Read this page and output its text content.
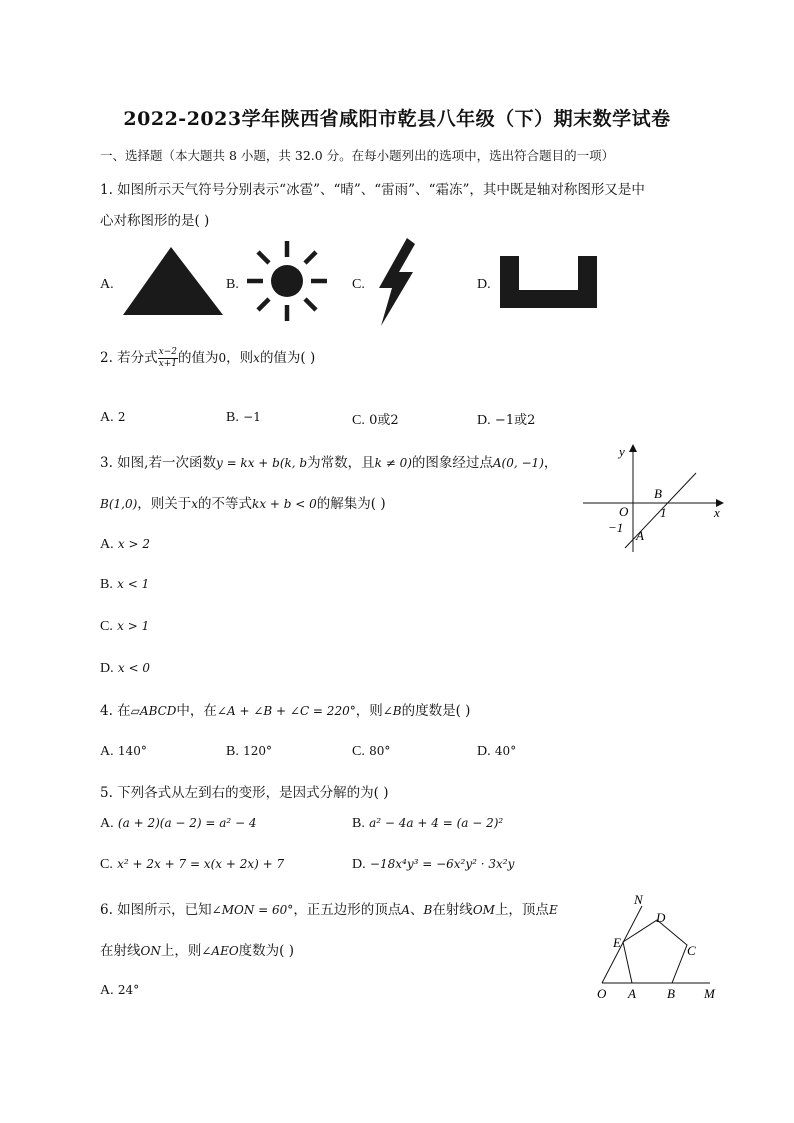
2022-2023学年陕西省咸阳市乾县八年级（下）期末数学试卷
一、选择题（本大题共 8 小题，共 32.0 分。在每小题列出的选项中，选出符合题目的一项）
1. 如图所示天气符号分别表示“冰雹”、“晴”、“雷雨”、“霜冻”，其中既是轴对称图形又是中
心对称图形的是( )
A.	B.	C.	D.
2. 若分式 $\frac{x-2}{x+1}$ 的值为0，则x的值为( )
A. 2	B. −1	C. 0或2	D. −1或2
3. 如图,若一次函数y = kx + b(k, b为常数，且k ≠ 0)的图象经过点A(0, −1)，
B(1,0)，则关于x的不等式kx + b < 0的解集为( )
A. x > 2
B. x < 1
C. x > 1
D. x < 0
y
x
O
B
1
−1
A
4. 在▱ABCD中，在∠A + ∠B + ∠C = 220°，则∠B的度数是( )
A. 140°	B. 120°	C. 80°	D. 40°
5. 下列各式从左到右的变形，是因式分解的为( )
A. (a + 2)(a − 2) = a² − 4	B. a² − 4a + 4 = (a − 2)²
C. x² + 2x + 7 = x(x + 2x) + 7	D. −18x⁴y³ = −6x²y² · 3x²y
6. 如图所示，已知∠MON = 60°，正五边形的顶点A、B在射线OM上，顶点E
在射线ON上，则∠AEO度数为( )
A. 24°
N
D
E
C
O A B M
